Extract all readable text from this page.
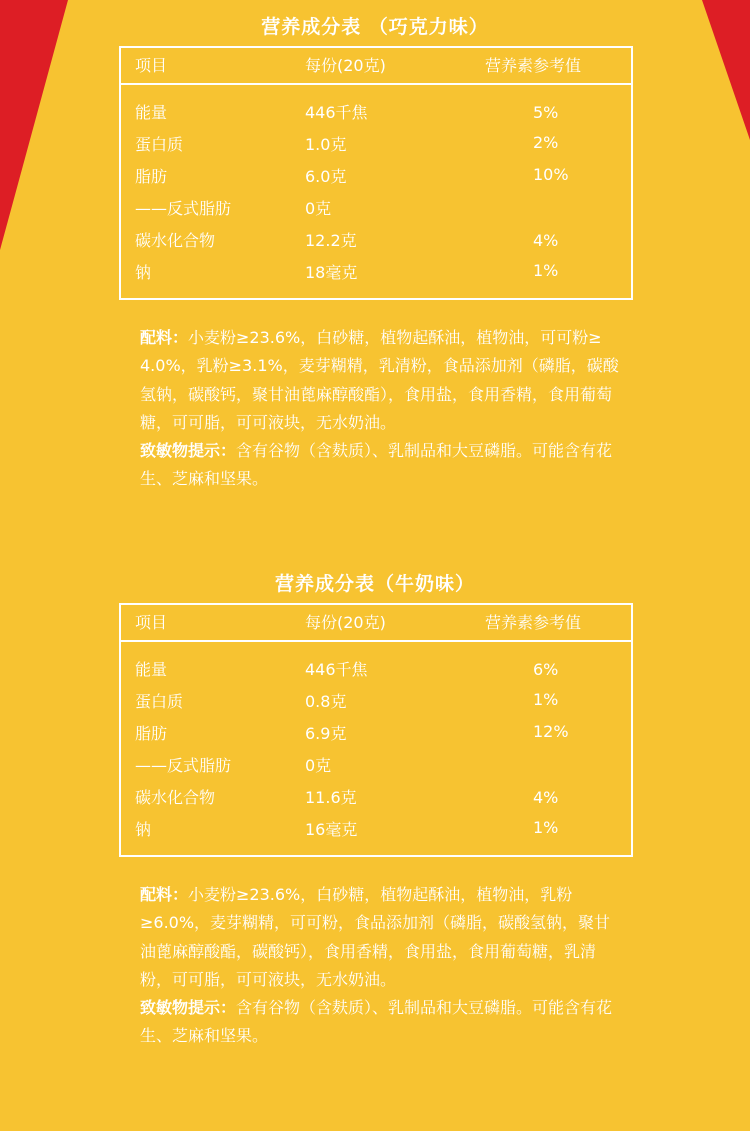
营养成分表 （巧克力味）
项目	每份(20克)	营养素参考值
能量	446千焦	5%
蛋白质	1.0克	2%
脂肪	6.0克	10%
——反式脂肪	0克
碳水化合物	12.2克	4%
钠	18毫克	1%

配料：小麦粉≥23.6%，白砂糖，植物起酥油，植物油，可可粉≥ 4.0%，乳粉≥3.1%，麦芽糊精，乳清粉，食品添加剂（磷脂，碳酸氢钠，碳酸钙，聚甘油蓖麻醇酸酯），食用盐，食用香精，食用葡萄糖，可可脂，可可液块，无水奶油。

致敏物提示：含有谷物（含麸质）、乳制品和大豆磷脂。可能含有花生、芝麻和坚果。

营养成分表（牛奶味）
项目	每份(20克)	营养素参考值
能量	446千焦	6%
蛋白质	0.8克	1%
脂肪	6.9克	12%
——反式脂肪	0克
碳水化合物	11.6克	4%
钠	16毫克	1%

配料：小麦粉≥23.6%，白砂糖，植物起酥油，植物油，乳粉≥6.0%，麦芽糊精，可可粉，食品添加剂（磷脂，碳酸氢钠，聚甘油蓖麻醇酸酯，碳酸钙），食用香精，食用盐，食用葡萄糖，乳清粉，可可脂，可可液块，无水奶油。

致敏物提示：含有谷物（含麸质）、乳制品和大豆磷脂。可能含有花生、芝麻和坚果。
